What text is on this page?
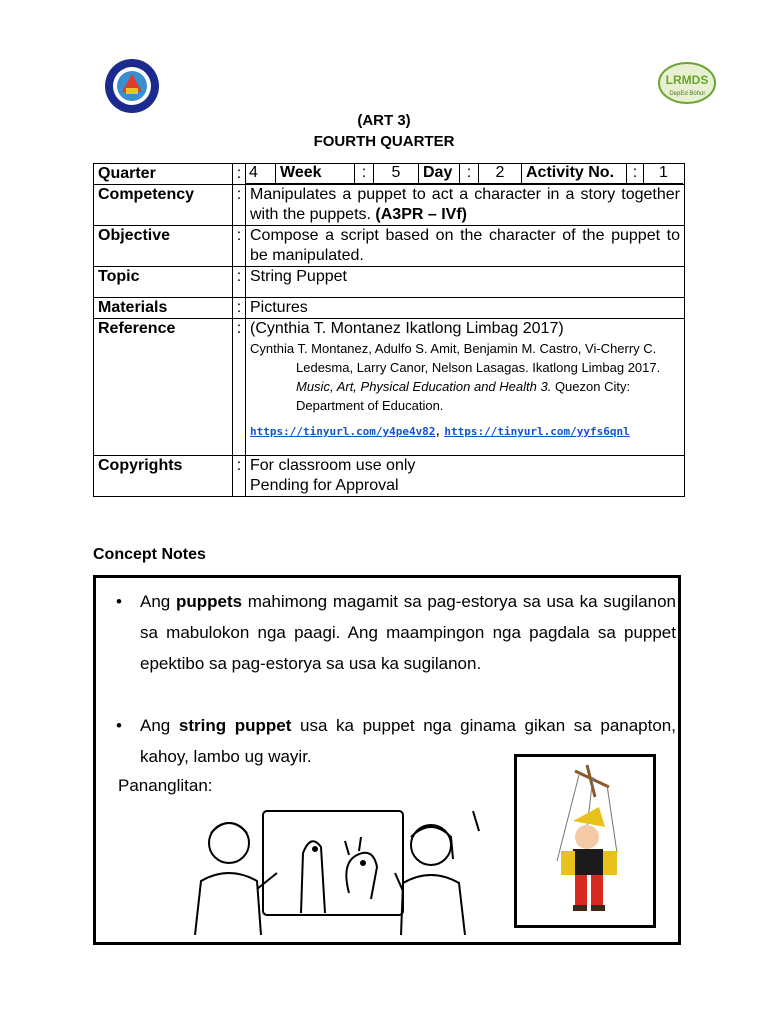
LRMDS
DepEd Bohol
(ART 3)
FOURTH QUARTER
Quarter	:	4	Week	:	5	Day	:	2	Activity No.	:	1

Competency	:	Manipulates a puppet to act a character in a story together with the puppets. (A3PR – IVf)
Objective	:	Compose a script based on the character of the puppet to be manipulated.
Topic	:	String Puppet
Materials	:	Pictures
Reference	:	(Cynthia T. Montanez Ikatlong Limbag 2017)
Cynthia T. Montanez, Adulfo S. Amit, Benjamin M. Castro, Vi-Cherry C. Ledesma, Larry Canor, Nelson Lasagas. Ikatlong Limbag 2017. Music, Art, Physical Education and Health 3. Quezon City: Department of Education.
https://tinyurl.com/y4pe4v82, https://tinyurl.com/yyfs6qnl

Copyrights	:	For classroom use only
Pending for Approval
Concept Notes
• Ang puppets mahimong magamit sa pag-estorya sa usa ka sugilanon sa mabulokon nga paagi. Ang maampingon nga pagdala sa puppet epektibo sa pag-estorya sa usa ka sugilanon.
• Ang string puppet usa ka puppet nga ginama gikan sa panapton, kahoy, lambo ug wayir.
Pananglitan:
